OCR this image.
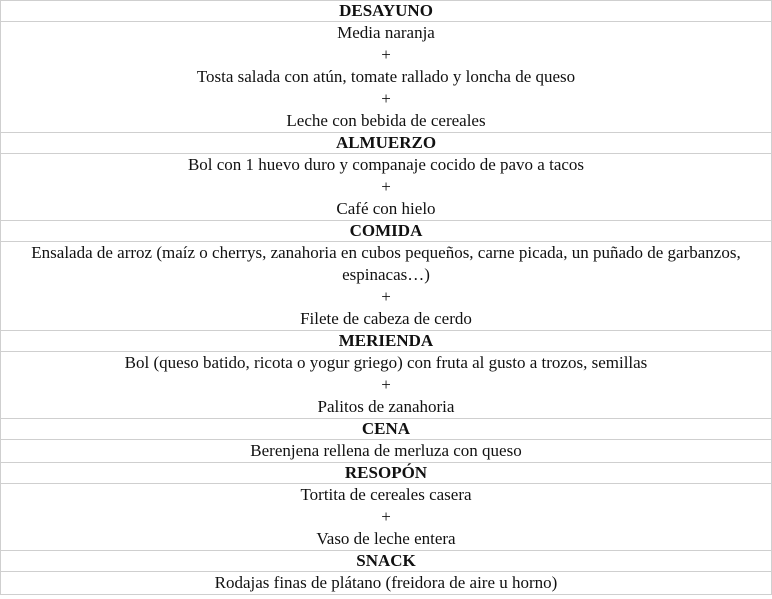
DESAYUNO

Media naranja
+
Tosta salada con atún, tomate rallado y loncha de queso
+
Leche con bebida de cereales

ALMUERZO

Bol con 1 huevo duro y companaje cocido de pavo a tacos
+
Café con hielo

COMIDA

Ensalada de arroz (maíz o cherrys, zanahoria en cubos pequeños, carne picada, un puñado de garbanzos, espinacas…)
+
Filete de cabeza de cerdo

MERIENDA

Bol (queso batido, ricota o yogur griego) con fruta al gusto a trozos, semillas
+
Palitos de zanahoria

CENA

Berenjena rellena de merluza con queso

RESOPÓN

Tortita de cereales casera
+
Vaso de leche entera

SNACK

Rodajas finas de plátano (freidora de aire u horno)
